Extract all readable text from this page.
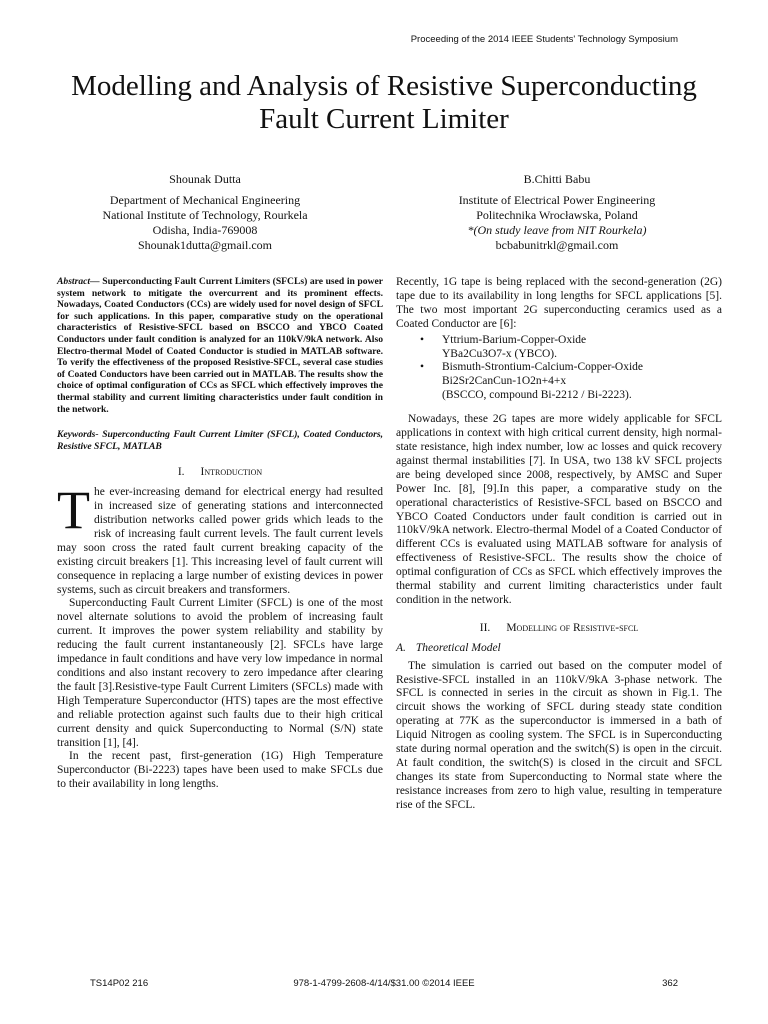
Proceeding of the 2014 IEEE Students' Technology Symposium
Modelling and Analysis of Resistive Superconducting Fault Current Limiter
Shounak Dutta
Department of Mechanical Engineering
National Institute of Technology, Rourkela
Odisha, India-769008
Shounak1dutta@gmail.com
B.Chitti Babu
Institute of Electrical Power Engineering
Politechnika Wrocławska, Poland
*(On study leave from NIT Rourkela)
bcbabunitrkl@gmail.com

Abstract— Superconducting Fault Current Limiters (SFCLs) are used in power system network to mitigate the overcurrent and its prominent effects. Nowadays, Coated Conductors (CCs) are widely used for novel design of SFCL for such applications. In this paper, comparative study on the operational characteristics of Resistive-SFCL based on BSCCO and YBCO Coated Conductors under fault condition is analyzed for an 110kV/9kA network. Also Electro-thermal Model of Coated Conductor is studied in MATLAB software. To verify the effectiveness of the proposed Resistive-SFCL, several case studies of Coated Conductors have been carried out in MATLAB. The results show the choice of optimal configuration of CCs as SFCL which effectively improves the thermal stability and current limiting characteristics under fault condition in the network.

Keywords- Superconducting Fault Current Limiter (SFCL), Coated Conductors, Resistive SFCL, MATLAB

I. Introduction

The ever-increasing demand for electrical energy had resulted in increased size of generating stations and interconnected distribution networks called power grids which leads to the risk of increasing fault current levels. The fault current levels may soon cross the rated fault current breaking capacity of the existing circuit breakers [1]. This increasing level of fault current will consequence in replacing a large number of existing devices in power systems, such as circuit breakers and transformers.

Superconducting Fault Current Limiter (SFCL) is one of the most novel alternate solutions to avoid the problem of increasing fault current. It improves the power system reliability and stability by reducing the fault current instantaneously [2]. SFCLs have large impedance in fault conditions and have very low impedance in normal conditions and also instant recovery to zero impedance after clearing the fault [3].Resistive-type Fault Current Limiters (SFCLs) made with High Temperature Superconductor (HTS) tapes are the most effective and reliable protection against such faults due to their high critical current density and quick Superconducting to Normal (S/N) state transition [1], [4].

In the recent past, first-generation (1G) High Temperature Superconductor (Bi-2223) tapes have been used to make SFCLs due to their availability in long lengths.

Recently, 1G tape is being replaced with the second-generation (2G) tape due to its availability in long lengths for SFCL applications [5]. The two most important 2G superconducting ceramics used as a Coated Conductor are [6]:

• Yttrium-Barium-Copper-Oxide
YBa2Cu3O7-x (YBCO).
• Bismuth-Strontium-Calcium-Copper-Oxide
Bi2Sr2CanCun-1O2n+4+x
(BSCCO, compound Bi-2212 / Bi-2223).

Nowadays, these 2G tapes are more widely applicable for SFCL applications in context with high critical current density, high normal-state resistance, high index number, low ac losses and quick recovery against thermal instabilities [7]. In USA, two 138 kV SFCL projects are being developed since 2008, respectively, by AMSC and Super Power Inc. [8], [9].In this paper, a comparative study on the operational characteristics of Resistive-SFCL based on BSCCO and YBCO Coated Conductors under fault condition is carried out in 110kV/9kA network. Electro-thermal Model of a Coated Conductor of different CCs is evaluated using MATLAB software for analysis of effectiveness of Resistive-SFCL. The results show the choice of optimal configuration of CCs as SFCL which effectively improves the thermal stability and current limiting characteristics under fault condition in the network.

II. Modelling of Resistive-sfcl
A. Theoretical Model

The simulation is carried out based on the computer model of Resistive-SFCL installed in an 110kV/9kA 3-phase network. The SFCL is connected in series in the circuit as shown in Fig.1. The circuit shows the working of SFCL during steady state condition operating at 77K as the superconductor is immersed in a bath of Liquid Nitrogen as cooling system. The SFCL is in Superconducting state during normal operation and the switch(S) is open in the circuit. At fault condition, the switch(S) is closed in the circuit and SFCL changes its state from Superconducting to Normal state where the resistance increases from zero to high value, resulting in temperature rise of the SFCL.

TS14P02 216	978-1-4799-2608-4/14/$31.00 ©2014 IEEE	362
